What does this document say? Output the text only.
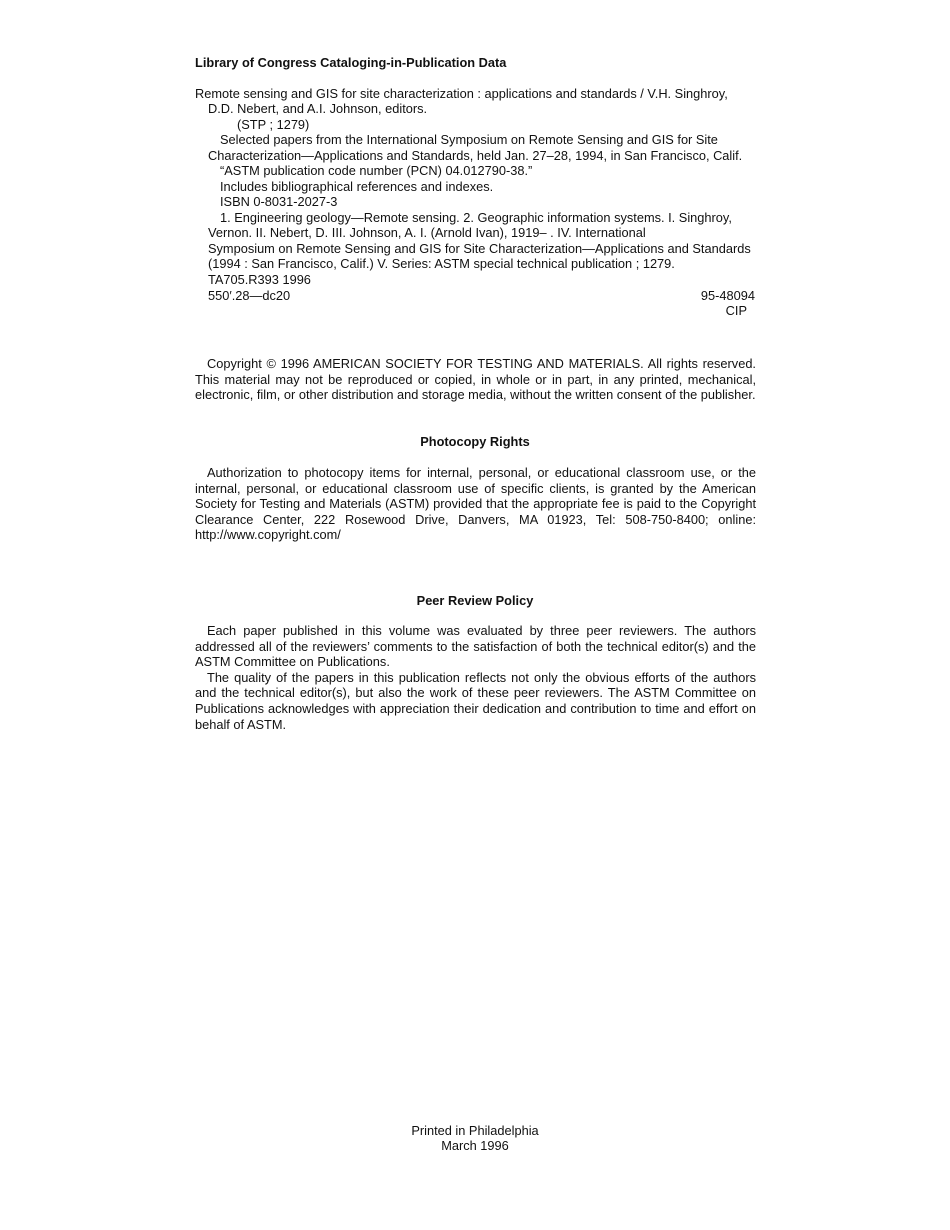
Library of Congress Cataloging-in-Publication Data
Remote sensing and GIS for site characterization : applications and standards / V.H. Singhroy,
D.D. Nebert, and A.I. Johnson, editors.
(STP ; 1279)
Selected papers from the International Symposium on Remote Sensing and GIS for Site
Characterization—Applications and Standards, held Jan. 27–28, 1994, in San Francisco, Calif.
“ASTM publication code number (PCN) 04.012790-38.”
Includes bibliographical references and indexes.
ISBN 0-8031-2027-3
1. Engineering geology—Remote sensing. 2. Geographic information systems. I. Singhroy,
Vernon. II. Nebert, D. III. Johnson, A. I. (Arnold Ivan), 1919– . IV. International
Symposium on Remote Sensing and GIS for Site Characterization—Applications and Standards
(1994 : San Francisco, Calif.) V. Series: ASTM special technical publication ; 1279.
TA705.R393 1996
550′.28—dc20	95-48094
CIP

Copyright © 1996 AMERICAN SOCIETY FOR TESTING AND MATERIALS. All rights reserved. This material may not be reproduced or copied, in whole or in part, in any printed, mechanical, electronic, film, or other distribution and storage media, without the written consent of the publisher.

Photocopy Rights

Authorization to photocopy items for internal, personal, or educational classroom use, or the internal, personal, or educational classroom use of specific clients, is granted by the American Society for Testing and Materials (ASTM) provided that the appropriate fee is paid to the Copyright Clearance Center, 222 Rosewood Drive, Danvers, MA 01923, Tel: 508-750-8400; online: http://www.copyright.com/

Peer Review Policy

Each paper published in this volume was evaluated by three peer reviewers. The authors addressed all of the reviewers’ comments to the satisfaction of both the technical editor(s) and the ASTM Committee on Publications.

The quality of the papers in this publication reflects not only the obvious efforts of the authors and the technical editor(s), but also the work of these peer reviewers. The ASTM Committee on Publications acknowledges with appreciation their dedication and contribution to time and effort on behalf of ASTM.

Printed in Philadelphia
March 1996
